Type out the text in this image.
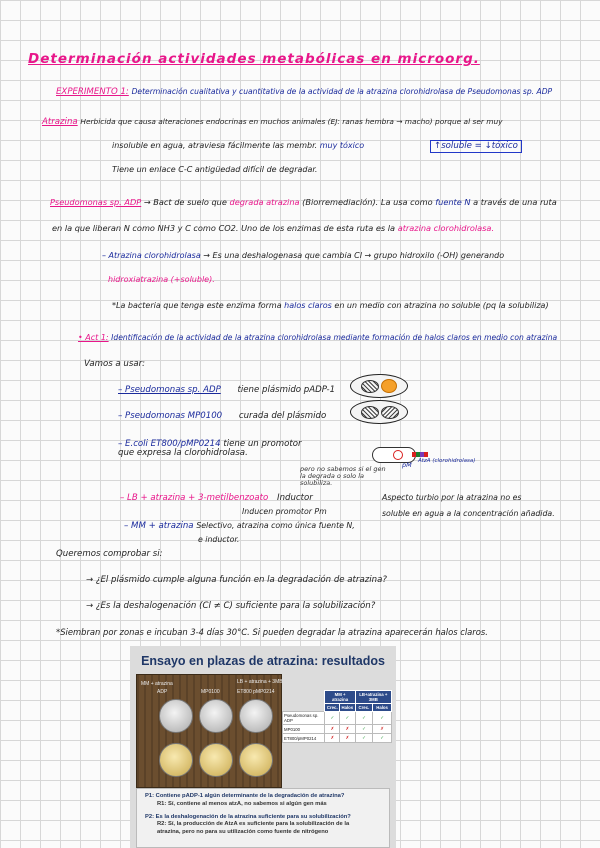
Determinación actividades metabólicas en microorg.
EXPERIMENTO 1: Determinación cualitativa y cuantitativa de la actividad de la atrazina clorohidrolasa de Pseudomonas sp. ADP
Atrazina Herbicida que causa alteraciones endocrinas en muchos animales (EJ: ranas hembra → macho) porque al ser muy
insoluble en agua, atraviesa fácilmente las membr. muy tóxico	↑soluble = ↓tóxico
Tiene un enlace C-C antigüedad difícil de degradar.
Pseudomonas sp. ADP → Bact de suelo que degrada atrazina (Biorremediación). La usa como fuente N a través de una ruta
en la que liberan N como NH3 y C como CO2. Uno de los enzimas de esta ruta es la atrazina clorohidrolasa.
– Atrazina clorohidrolasa → Es una deshalogenasa que cambia Cl → grupo hidroxilo (-OH) generando
hidroxiatrazina (+soluble).
*La bacteria que tenga este enzima forma halos claros en un medio con atrazina no soluble (pq la solubiliza)
• Act 1: Identificación de la actividad de la atrazina clorohidrolasa mediante formación de halos claros en medio con atrazina
Vamos a usar:
– Pseudomonas sp. ADP tiene plásmido pADP-1
– Pseudomonas MP0100 curada del plásmido
– E.coli ET800/pMP0214 tiene un promotor que expresa la clorohidrolasa.
pM AtzA (clorohidrolasa)
pero no sabemos si el gen la degrada o solo la solubiliza.
– LB + atrazina + 3-metilbenzoato Inductor
Inducen promotor Pm
Aspecto turbio por la atrazina no es
soluble en agua a la concentración añadida.
– MM + atrazina Selectivo, atrazina como única fuente N,
e inductor.
Queremos comprobar si:
→ ¿El plásmido cumple alguna función en la degradación de atrazina?
→ ¿Es la deshalogenación (Cl ≠ C) suficiente para la solubilización?
*Siembran por zonas e incuban 3-4 días 30°C. Si pueden degradar la atrazina aparecerán halos claros.
Ensayo en plazas de atrazina: resultados
MM + atrazina	LB + atrazina + 3MB
ADP	MP0100	ET800 pMP0214
		MM + atrazina		LB+atrazina + 3MB	
	Crec.	Halos	Crec.	Halos
Pseudomonas sp. ADP	✓	✓	✓	✓
MP0100	✗	✗	✓	✗
ET800/pMP0214	✗	✗	✓	✓

P1: Contiene pADP-1 algún determinante de la degradación de atrazina?

R1: Sí, contiene al menos atzA, no sabemos si algún gen más

P2: Es la deshalogenación de la atrazina suficiente para su solubilización?

R2: Sí, la producción de AtzA es suficiente para la solubilización de la

atrazina, pero no para su utilización como fuente de nitrógeno
